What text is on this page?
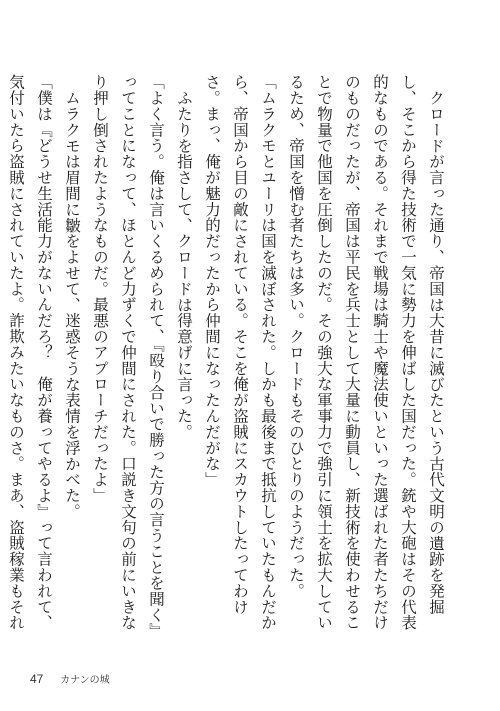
クロードが言った通り、帝国は大昔に滅びたという古代文明の遺跡を発掘し、そこから得た技術で一気に勢力を伸ばした国だった。銃や大砲はその代表的なものである。それまで戦場は騎士や魔法使いといった選ばれた者たちだけのものだったが、帝国は平民を兵士として大量に動員し、新技術を使わせることで物量で他国を圧倒したのだ。その強大な軍事力で強引に領土を拡大しているため、帝国を憎む者たちは多い。クロードもそのひとりのようだった。

「ムラクモとユーリは国を滅ぼされた。しかも最後まで抵抗していたもんだから、帝国から目の敵にされている。そこを俺が盗賊にスカウトしたってわけさ。まっ、俺が魅力的だったから仲間になったんだがな」

ふたりを指さして、クロードは得意げに言った。

「よく言う。俺は言いくるめられて、『殴り合いで勝った方の言うことを聞く』ってことになって、ほとんど力ずくで仲間にされた。口説き文句の前にいきなり押し倒されたようなものだ。最悪のアプローチだったよ」

ムラクモは眉間に皺をよせて、迷惑そうな表情を浮かべた。

「僕は『どうせ生活能力がないんだろ？　俺が養ってやるよ』って言われて、気付いたら盗賊にされていたよ。詐欺みたいなものさ。まあ、盗賊稼業もそれ

47 カナンの城
